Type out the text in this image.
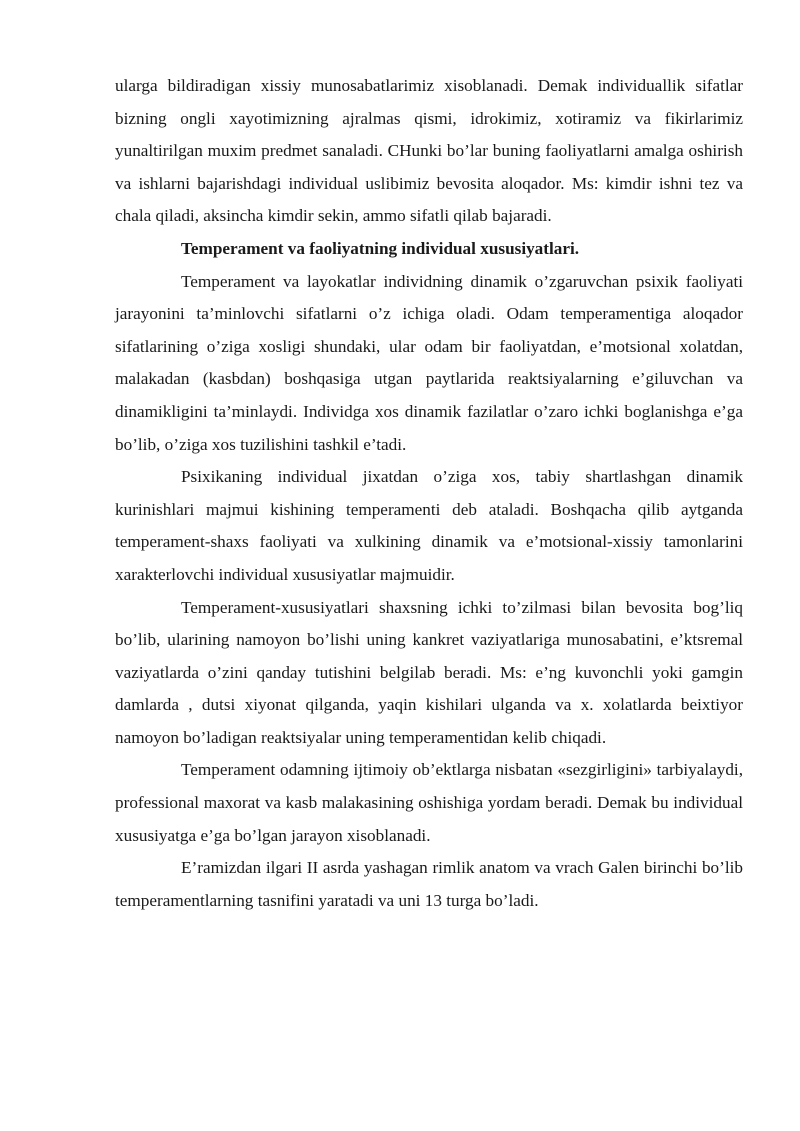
ularga bildiradigan xissiy munosabatlarimiz xisoblanadi. Demak individuallik sifatlar bizning ongli xayotimizning ajralmas qismi, idrokimiz, xotiramiz va fikirlarimiz yunaltirilgan muxim predmet sanaladi. CHunki bo’lar buning faoliyatlarni amalga oshirish va ishlarni bajarishdagi individual uslibimiz bevosita aloqador. Ms: kimdir ishni tez va chala qiladi, aksincha kimdir sekin, ammo sifatli qilab bajaradi.

Temperament va faoliyatning individual xususiyatlari.

Temperament va layokatlar individning dinamik o’zgaruvchan psixik faoliyati jarayonini ta’minlovchi sifatlarni o’z ichiga oladi. Odam temperamentiga aloqador sifatlarining o’ziga xosligi shundaki, ular odam bir faoliyatdan, e’motsional xolatdan, malakadan (kasbdan) boshqasiga utgan paytlarida reaktsiyalarning e’giluvchan va dinamikligini ta’minlaydi. Individga xos dinamik fazilatlar o’zaro ichki boglanishga e’ga bo’lib, o’ziga xos tuzilishini tashkil e’tadi.

Psixikaning individual jixatdan o’ziga xos, tabiy shartlashgan dinamik kurinishlari majmui kishining temperamenti deb ataladi. Boshqacha qilib aytganda temperament-shaxs faoliyati va xulkining dinamik va e’motsional-xissiy tamonlarini xarakterlovchi individual xususiyatlar majmuidir.

Temperament-xususiyatlari shaxsning ichki to’zilmasi bilan bevosita bog’liq bo’lib, ularining namoyon bo’lishi uning kankret vaziyatlariga munosabatini, e’ktsremal vaziyatlarda o’zini qanday tutishini belgilab beradi. Ms: e’ng kuvonchli yoki gamgin damlarda , dutsi xiyonat qilganda, yaqin kishilari ulganda va x. xolatlarda beixtiyor namoyon bo’ladigan reaktsiyalar uning temperamentidan kelib chiqadi.

Temperament odamning ijtimoiy ob’ektlarga nisbatan «sezgirligini» tarbiyalaydi, professional maxorat va kasb malakasining oshishiga yordam beradi. Demak bu individual xususiyatga e’ga bo’lgan jarayon xisoblanadi.

E’ramizdan ilgari II asrda yashagan rimlik anatom va vrach Galen birinchi bo’lib temperamentlarning tasnifini yaratadi va uni 13 turga bo’ladi.
